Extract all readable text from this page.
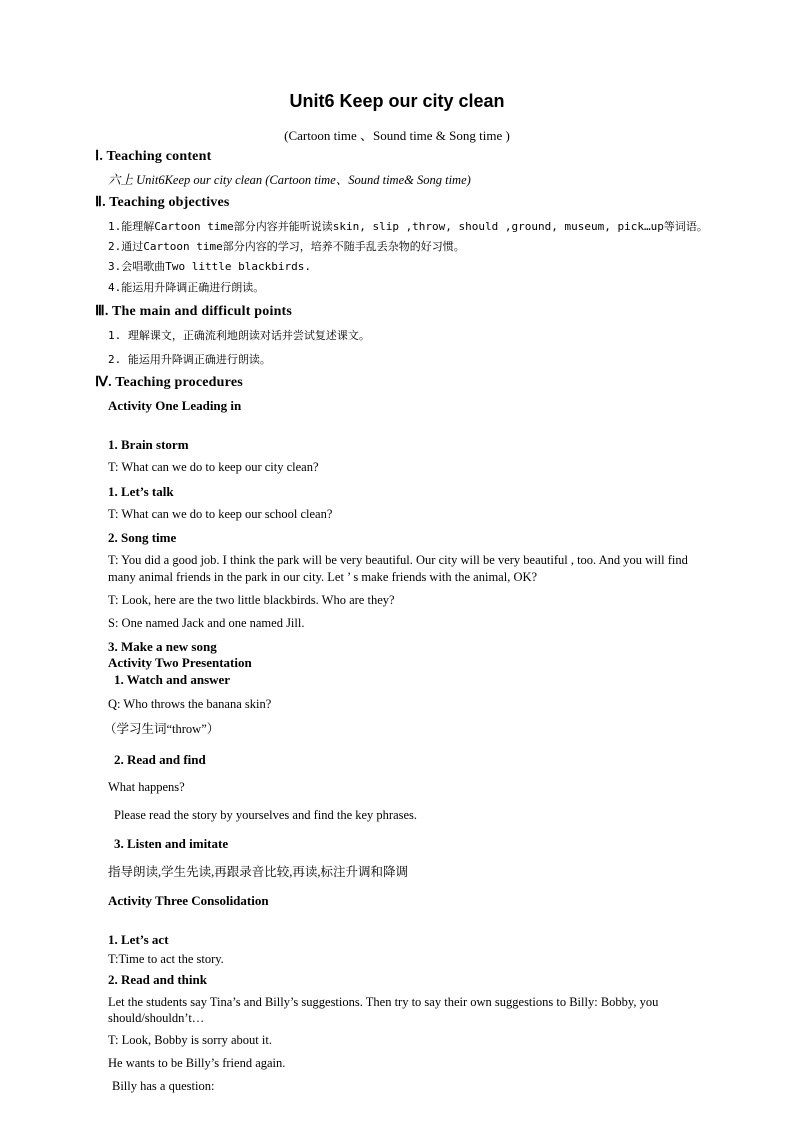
Unit6 Keep our city clean
(Cartoon time 、Sound time & Song time )
Ⅰ. Teaching content
六上 Unit6Keep our city clean (Cartoon time、Sound time& Song time)
Ⅱ. Teaching objectives
1.能理解Cartoon time部分内容并能听说读skin, slip ,throw, should ,ground, museum, pick…up等词语。
2.通过Cartoon time部分内容的学习，培养不随手乱丢杂物的好习惯。
3.会唱歌曲Two little blackbirds.
4.能运用升降调正确进行朗读。
Ⅲ. The main and difficult points
1. 理解课文，正确流利地朗读对话并尝试复述课文。
2. 能运用升降调正确进行朗读。
Ⅳ. Teaching procedures
Activity One Leading in
1. Brain storm
T: What can we do to keep our city clean?
1. Let’s talk
T: What can we do to keep our school clean?
2. Song time
T: You did a good job. I think the park will be very beautiful. Our city will be very beautiful , too. And you will find
many animal friends in the park in our city. Let ’ s make friends with the animal, OK?
T: Look, here are the two little blackbirds. Who are they?
S: One named Jack and one named Jill.
3. Make a new song
Activity Two Presentation
1. Watch and answer
Q: Who throws the banana skin?
（学习生词“throw”）
2. Read and find
What happens?
Please read the story by yourselves and find the key phrases.
3. Listen and imitate
指导朗读,学生先读,再跟录音比较,再读,标注升调和降调
Activity Three Consolidation
1. Let’s act
T:Time to act the story.
2. Read and think
Let the students say Tina’s and Billy’s suggestions. Then try to say their own suggestions to Billy: Bobby, you
should/shouldn’t…
T: Look, Bobby is sorry about it.
He wants to be Billy’s friend again.
Billy has a question:
